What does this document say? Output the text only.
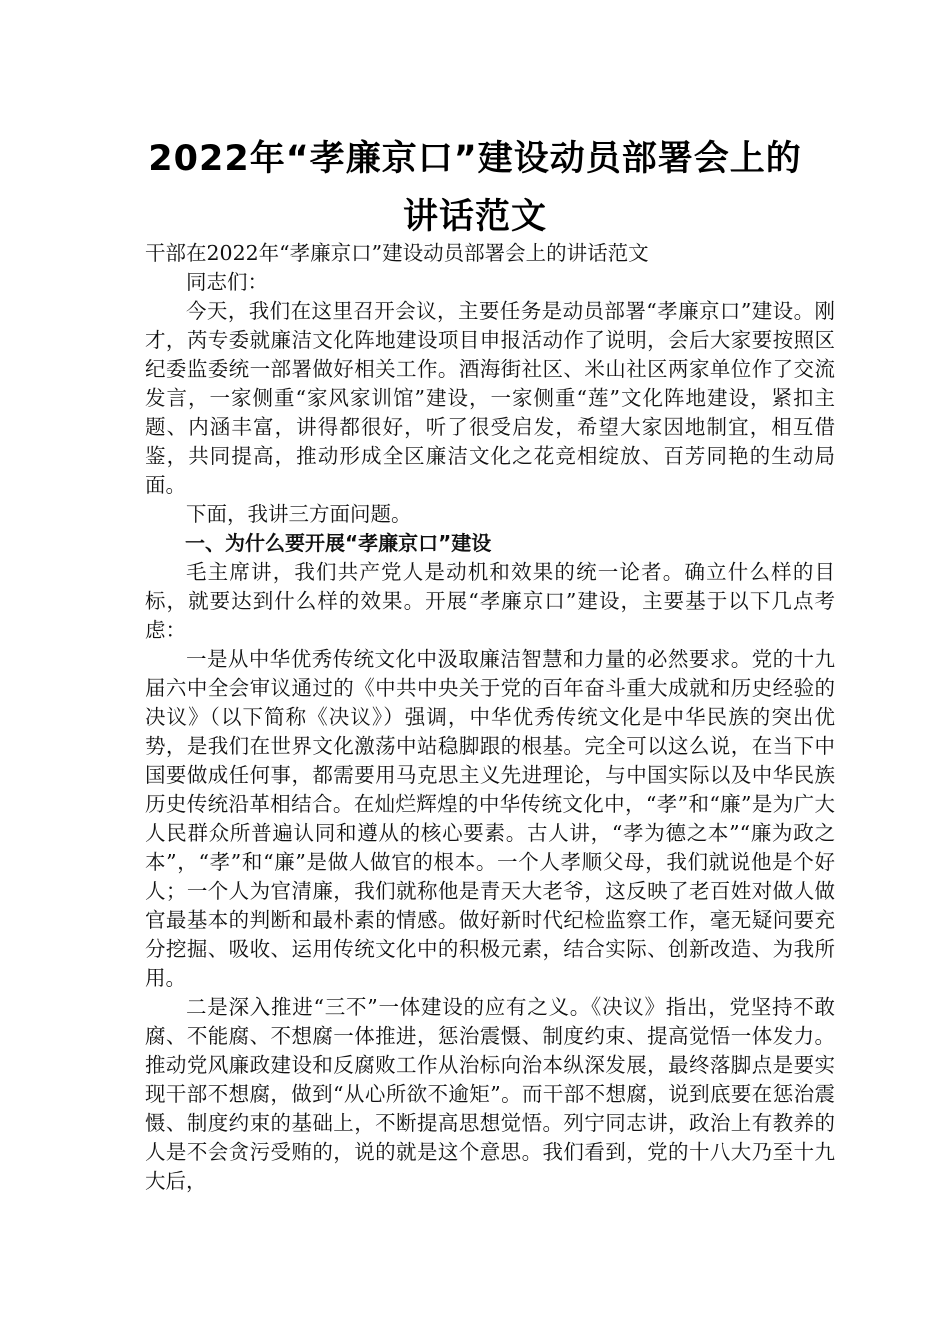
2022年“孝廉京口”建设动员部署会上的
讲话范文

干部在2022年“孝廉京口”建设动员部署会上的讲话范文

同志们：

今天，我们在这里召开会议，主要任务是动员部署“孝廉京口”建设。刚才，芮专委就廉洁文化阵地建设项目申报活动作了说明，会后大家要按照区纪委监委统一部署做好相关工作。酒海街社区、米山社区两家单位作了交流发言，一家侧重“家风家训馆”建设，一家侧重“莲”文化阵地建设，紧扣主题、内涵丰富，讲得都很好，听了很受启发，希望大家因地制宜，相互借鉴，共同提高，推动形成全区廉洁文化之花竞相绽放、百芳同艳的生动局面。

下面，我讲三方面问题。

一、为什么要开展“孝廉京口”建设

毛主席讲，我们共产党人是动机和效果的统一论者。确立什么样的目标，就要达到什么样的效果。开展“孝廉京口”建设，主要基于以下几点考虑：

一是从中华优秀传统文化中汲取廉洁智慧和力量的必然要求。党的十九届六中全会审议通过的《中共中央关于党的百年奋斗重大成就和历史经验的决议》（以下简称《决议》）强调，中华优秀传统文化是中华民族的突出优势，是我们在世界文化激荡中站稳脚跟的根基。完全可以这么说，在当下中国要做成任何事，都需要用马克思主义先进理论，与中国实际以及中华民族历史传统沿革相结合。在灿烂辉煌的中华传统文化中，“孝”和“廉”是为广大人民群众所普遍认同和遵从的核心要素。古人讲，“孝为德之本”“廉为政之本”，“孝”和“廉”是做人做官的根本。一个人孝顺父母，我们就说他是个好人；一个人为官清廉，我们就称他是青天大老爷，这反映了老百姓对做人做官最基本的判断和最朴素的情感。做好新时代纪检监察工作，毫无疑问要充分挖掘、吸收、运用传统文化中的积极元素，结合实际、创新改造、为我所用。

二是深入推进“三不”一体建设的应有之义。《决议》指出，党坚持不敢腐、不能腐、不想腐一体推进，惩治震慑、制度约束、提高觉悟一体发力。推动党风廉政建设和反腐败工作从治标向治本纵深发展，最终落脚点是要实现干部不想腐，做到“从心所欲不逾矩”。而干部不想腐，说到底要在惩治震慑、制度约束的基础上，不断提高思想觉悟。列宁同志讲，政治上有教养的人是不会贪污受贿的，说的就是这个意思。我们看到，党的十八大乃至十九大后，
